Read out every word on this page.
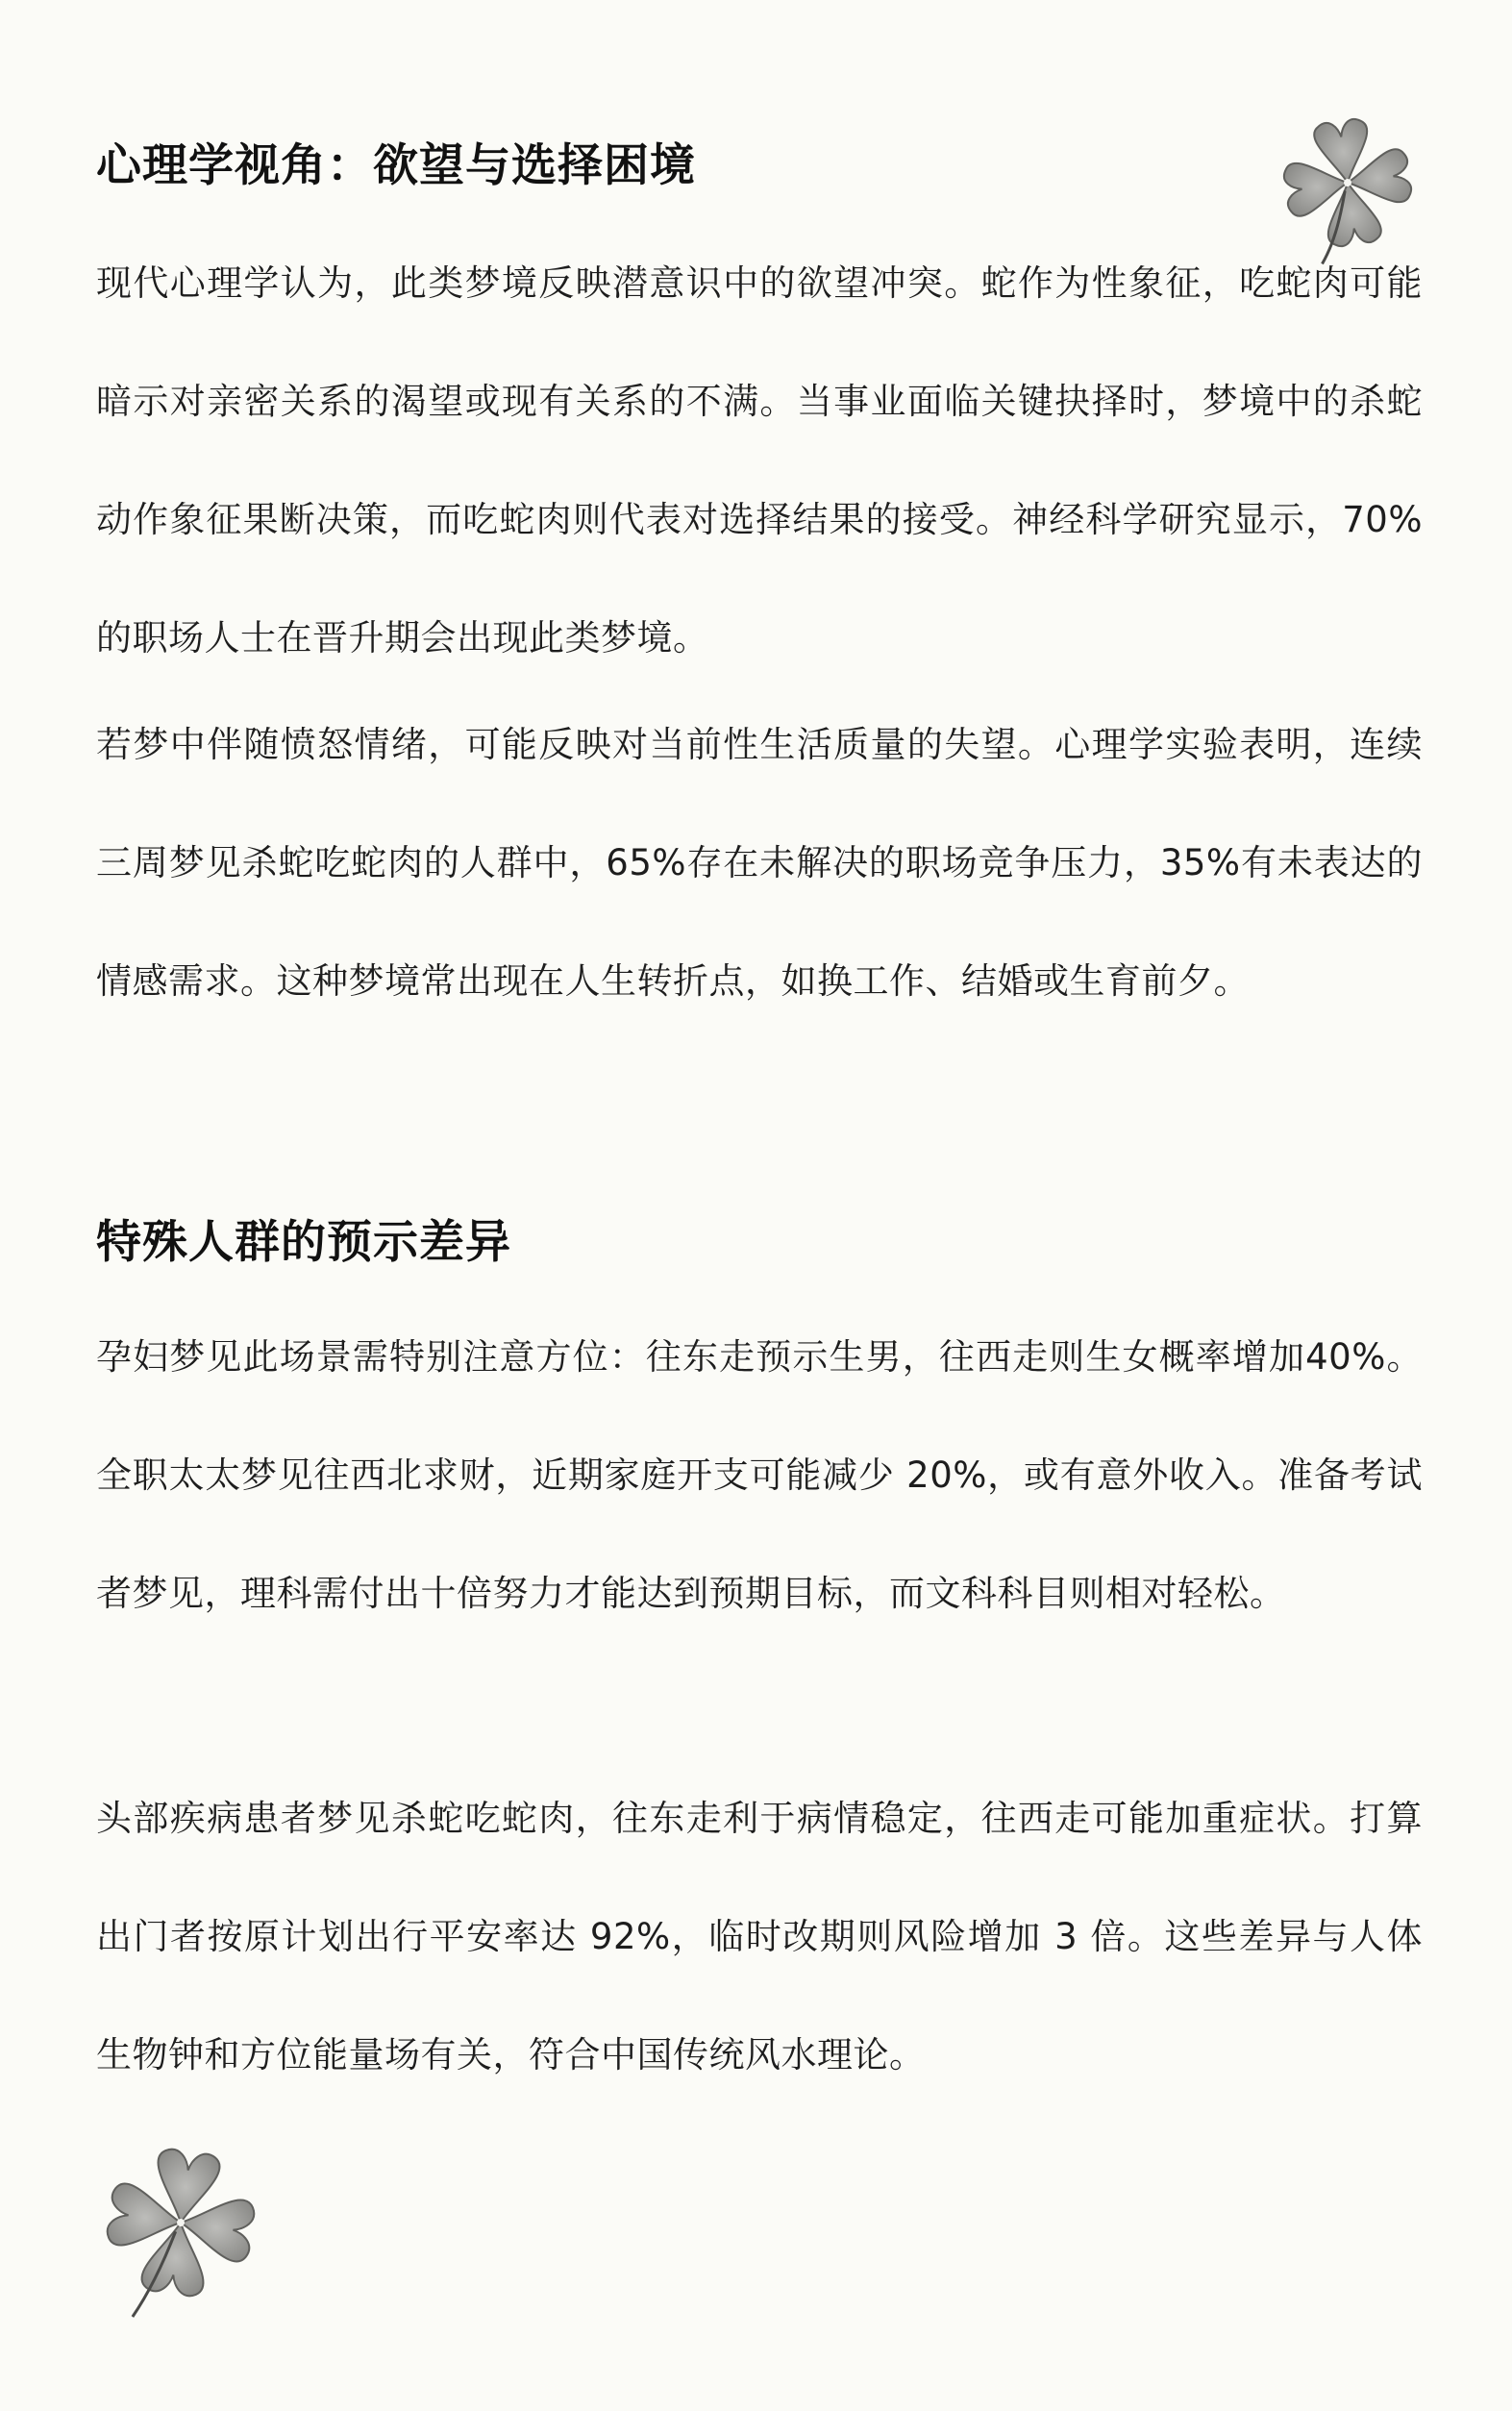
心理学视角：欲望与选择困境

现代心理学认为，此类梦境反映潜意识中的欲望冲突。蛇作为性象征，吃蛇肉可能暗示对亲密关系的渴望或现有关系的不满。当事业面临关键抉择时，梦境中的杀蛇动作象征果断决策，而吃蛇肉则代表对选择结果的接受。神经科学研究显示，70%的职场人士在晋升期会出现此类梦境。

若梦中伴随愤怒情绪，可能反映对当前性生活质量的失望。心理学实验表明，连续三周梦见杀蛇吃蛇肉的人群中，65%存在未解决的职场竞争压力，35%有未表达的情感需求。这种梦境常出现在人生转折点，如换工作、结婚或生育前夕。

特殊人群的预示差异

孕妇梦见此场景需特别注意方位：往东走预示生男，往西走则生女概率增加40%。全职太太梦见往西北求财，近期家庭开支可能减少 20%，或有意外收入。准备考试者梦见，理科需付出十倍努力才能达到预期目标，而文科科目则相对轻松。

头部疾病患者梦见杀蛇吃蛇肉，往东走利于病情稳定，往西走可能加重症状。打算出门者按原计划出行平安率达 92%，临时改期则风险增加 3 倍。这些差异与人体生物钟和方位能量场有关，符合中国传统风水理论。
